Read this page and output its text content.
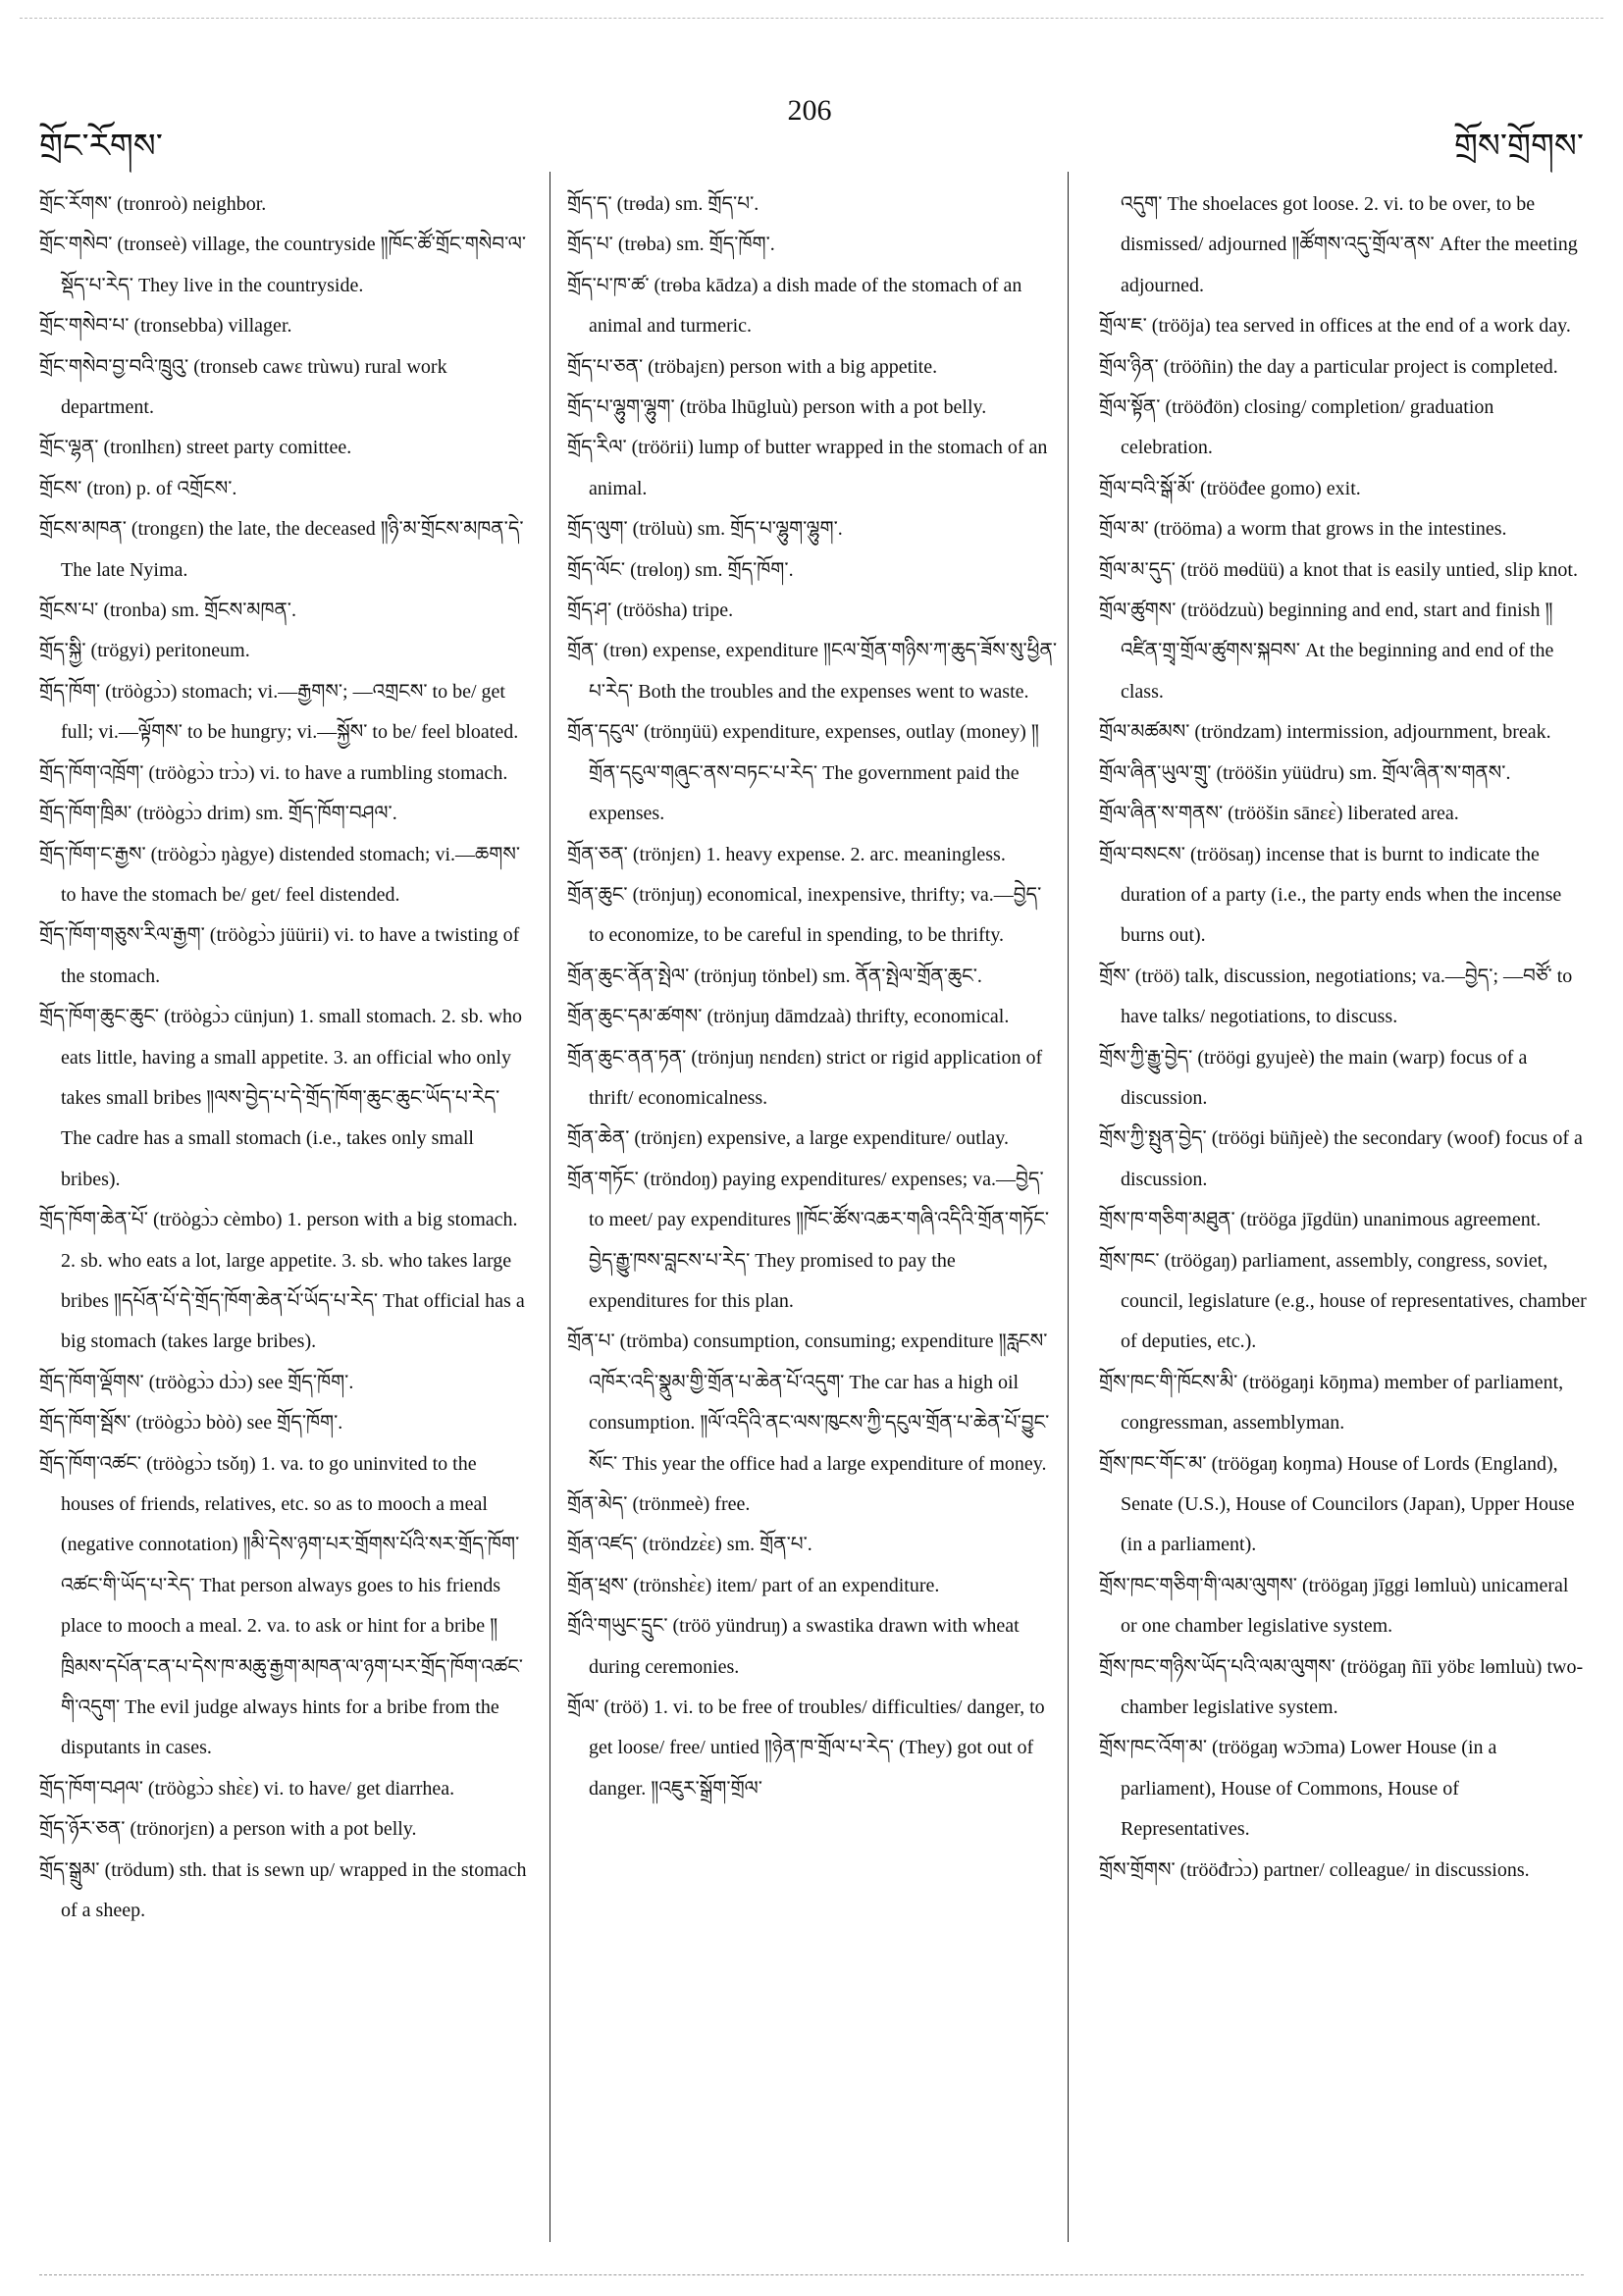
གྲོང་རོགས་
206
གྲོས་གྲོགས་

གྲོང་རོགས་ (tronroò) neighbor.

གྲོང་གསེབ་ (tronseè) village, the countryside ༎ཁོང་ཚོ་གྲོང་གསེབ་ལ་སྡོད་པ་རེད་ They live in the countryside.

གྲོང་གསེབ་པ་ (tronsebba) villager.

གྲོང་གསེབ་བྱ་བའི་ཁྲུའུ་ (tronseb cawε trùwu) rural work department.

གྲོང་ལྷན་ (tronlhεn) street party comittee.

གྲོངས་ (tron) p. of འགྲོངས་.

གྲོངས་མཁན་ (trongεn) the late, the deceased ༎ཉི་མ་གྲོངས་མཁན་དེ་ The late Nyima.

གྲོངས་པ་ (tronba) sm. གྲོངས་མཁན་.

གྲོད་སྐྱི་ (trögyi) peritoneum.

གྲོད་ཁོག་ (tröògɔ̀ɔ) stomach; vi.—རྒྱགས་; —འགྲངས་ to be/ get full; vi.—ལྟོགས་ to be hungry; vi.—སྐྱོས་ to be/ feel bloated.

གྲོད་ཁོག་འཁྲོག་ (tröògɔ̀ɔ trɔ̀ɔ) vi. to have a rumbling stomach.

གྲོད་ཁོག་ཁྲིམ་ (tröògɔ̀ɔ drim) sm. གྲོད་ཁོག་བཤལ་.

གྲོད་ཁོག་ང་རྒྱས་ (tröògɔ̀ɔ ŋàgye) distended stomach; vi.—ཆགས་ to have the stomach be/ get/ feel distended.

གྲོད་ཁོག་གཅུས་རིལ་རྒྱག་ (tröògɔ̀ɔ jüürii) vi. to have a twisting of the stomach.

གྲོད་ཁོག་ཆུང་ཆུང་ (tröògɔ̀ɔ cünjun) 1. small stomach. 2. sb. who eats little, having a small appetite. 3. an official who only takes small bribes ༎ལས་བྱེད་པ་དེ་གྲོད་ཁོག་ཆུང་ཆུང་ཡོད་པ་རེད་ The cadre has a small stomach (i.e., takes only small bribes).

གྲོད་ཁོག་ཆེན་པོ་ (tröògɔ̀ɔ cèmbo) 1. person with a big stomach. 2. sb. who eats a lot, large appetite. 3. sb. who takes large bribes ༎དཔོན་པོ་དེ་གྲོད་ཁོག་ཆེན་པོ་ཡོད་པ་རེད་ That official has a big stomach (takes large bribes).

གྲོད་ཁོག་ལྡོགས་ (tröògɔ̀ɔ dɔ̀ɔ) see གྲོད་ཁོག་.

གྲོད་ཁོག་སྦོས་ (tröògɔ̀ɔ bòò) see གྲོད་ཁོག་.

གྲོད་ཁོག་འཚང་ (tröògɔ̀ɔ tsǒŋ) 1. va. to go uninvited to the houses of friends, relatives, etc. so as to mooch a meal (negative connotation) ༎མི་དེས་ཉག་པར་གྲོགས་པོའི་སར་གྲོད་ཁོག་འཚང་གི་ཡོད་པ་རེད་ That person always goes to his friends place to mooch a meal. 2. va. to ask or hint for a bribe ༎ཁྲིམས་དཔོན་ངན་པ་དེས་ཁ་མཆུ་རྒྱག་མཁན་ལ་ཉག་པར་གྲོད་ཁོག་འཚང་གི་འདུག་ The evil judge always hints for a bribe from the disputants in cases.

གྲོད་ཁོག་བཤལ་ (tröògɔ̀ɔ shɛ̀ɛ) vi. to have/ get diarrhea.

གྲོད་ཉོར་ཅན་ (trönorjεn) a person with a pot belly.

གྲོད་སྒྲུམ་ (trödum) sth. that is sewn up/ wrapped in the stomach of a sheep.

གྲོད་ད་ (trөda) sm. གྲོད་པ་.

གྲོད་པ་ (trөba) sm. གྲོད་ཁོག་.

གྲོད་པ་ཁ་ཚ་ (trөba kādza) a dish made of the stomach of an animal and turmeric.

གྲོད་པ་ཅན་ (tröbajεn) person with a big appetite.

གྲོད་པ་ལྷུག་ལྷུག་ (tröba lhūgluù) person with a pot belly.

གྲོད་རིལ་ (tröörii) lump of butter wrapped in the stomach of an animal.

གྲོད་ལུག་ (tröluù) sm. གྲོད་པ་ལྷུག་ལྷུག་.

གྲོད་ལོང་ (trөloŋ) sm. གྲོད་ཁོག་.

གྲོད་ཤ་ (tröösha) tripe.

གྲོན་ (trөn) expense, expenditure ༎ངལ་གྲོན་གཉིས་ཀ་ཆུད་ཟོས་སུ་ཕྱིན་པ་རེད་ Both the troubles and the expenses went to waste.

གྲོན་དངུལ་ (trönŋüü) expenditure, expenses, outlay (money) ༎གྲོན་དངུལ་གཞུང་ནས་བཏང་པ་རེད་ The government paid the expenses.

གྲོན་ཅན་ (trönjεn) 1. heavy expense. 2. arc. meaningless.

གྲོན་ཆུང་ (trönjuŋ) economical, inexpensive, thrifty; va.—བྱེད་ to economize, to be careful in spending, to be thrifty.

གྲོན་ཆུང་ནོན་སྤེལ་ (trönjuŋ tönbel) sm. ནོན་སྤེལ་གྲོན་ཆུང་.

གྲོན་ཆུང་དམ་ཚགས་ (trönjuŋ dāmdzaà) thrifty, economical.

གྲོན་ཆུང་ནན་ཏན་ (trönjuŋ nεndεn) strict or rigid application of thrift/ economicalness.

གྲོན་ཆེན་ (trönjεn) expensive, a large expenditure/ outlay.

གྲོན་གཏོང་ (tröndoŋ) paying expenditures/ expenses; va.—བྱེད་ to meet/ pay expenditures ༎ཁོང་ཚོས་འཆར་གཞི་འདིའི་གྲོན་གཏོང་བྱེད་རྒྱུ་ཁས་བླངས་པ་རེད་ They promised to pay the expenditures for this plan.

གྲོན་པ་ (trömba) consumption, consuming; expenditure ༎རླངས་འཁོར་འདི་སྣུམ་གྱི་གྲོན་པ་ཆེན་པོ་འདུག་ The car has a high oil consumption. ༎ལོ་འདིའི་ནང་ལས་ཁུངས་ཀྱི་དངུལ་གྲོན་པ་ཆེན་པོ་བྱུང་སོང་ This year the office had a large expenditure of money.

གྲོན་མེད་ (trönmeè) free.

གྲོན་འཛད་ (tröndzɛ̀ɛ) sm. གྲོན་པ་.

གྲོན་ཕྲས་ (trönshɛ̀ɛ) item/ part of an expenditure.

གྲོའི་གཡུང་དྲུང་ (tröö yündruŋ) a swastika drawn with wheat during ceremonies.

གྲོལ་ (tröö) 1. vi. to be free of troubles/ difficulties/ danger, to get loose/ free/ untied ༎ཉེན་ཁ་གྲོལ་པ་རེད་ (They) got out of danger. ༎འཇུར་སྒྲོག་གྲོལ་

འདུག་ The shoelaces got loose. 2. vi. to be over, to be dismissed/ adjourned ༎ཚོགས་འདུ་གྲོལ་ནས་ After the meeting adjourned.

གྲོལ་ཇ་ (trööja) tea served in offices at the end of a work day.

གྲོལ་ཉིན་ (trööñin) the day a particular project is completed.

གྲོལ་སྟོན་ (trööđön) closing/ completion/ graduation celebration.

གྲོལ་བའི་སྒོ་མོ་ (trööđee gomo) exit.

གྲོལ་མ་ (trööma) a worm that grows in the intestines.

གྲོལ་མ་དུད་ (tröö mөdüü) a knot that is easily untied, slip knot.

གྲོལ་ཚུགས་ (tröödzuù) beginning and end, start and finish ༎འཛིན་གྲྭ་གྲོལ་ཚུགས་སྐབས་ At the beginning and end of the class.

གྲོལ་མཚམས་ (tröndzam) intermission, adjournment, break.

གྲོལ་ཞིན་ཡུལ་གྲུ་ (trööšin yüüdru) sm. གྲོལ་ཞིན་ས་གནས་.

གྲོལ་ཞིན་ས་གནས་ (trööšin sānɛɛ̀) liberated area.

གྲོལ་བསངས་ (tröösaŋ) incense that is burnt to indicate the duration of a party (i.e., the party ends when the incense burns out).

གྲོས་ (tröö) talk, discussion, negotiations; va.—བྱེད་; —བཙོ་ to have talks/ negotiations, to discuss.

གྲོས་ཀྱི་རྒྱུ་བྱེད་ (trööɡi gyujeè) the main (warp) focus of a discussion.

གྲོས་ཀྱི་སྤུན་བྱེད་ (trööɡi büñjeè) the secondary (woof) focus of a discussion.

གྲོས་ཁ་གཅིག་མཐུན་ (trööga jīgdün) unanimous agreement.

གྲོས་ཁང་ (tröögaŋ) parliament, assembly, congress, soviet, council, legislature (e.g., house of representatives, chamber of deputies, etc.).

གྲོས་ཁང་གི་ཁོངས་མི་ (tröögaŋi kōŋma) member of parliament, congressman, assemblyman.

གྲོས་ཁང་གོང་མ་ (tröögaŋ koŋma) House of Lords (England), Senate (U.S.), House of Councilors (Japan), Upper House (in a parliament).

གྲོས་ཁང་གཅིག་གི་ལམ་ལུགས་ (tröögaŋ jīggi lөmluù) unicameral or one chamber legislative system.

གྲོས་ཁང་གཉིས་ཡོད་པའི་ལམ་ལུགས་ (tröögaŋ ñīi yöbɛ lөmluù) two-chamber legislative system.

གྲོས་ཁང་འོག་མ་ (tröögaŋ wɔ̄ɔma) Lower House (in a parliament), House of Commons, House of Representatives.

གྲོས་གྲོགས་ (trööđrɔ̀ɔ) partner/ colleague/ in discussions.
